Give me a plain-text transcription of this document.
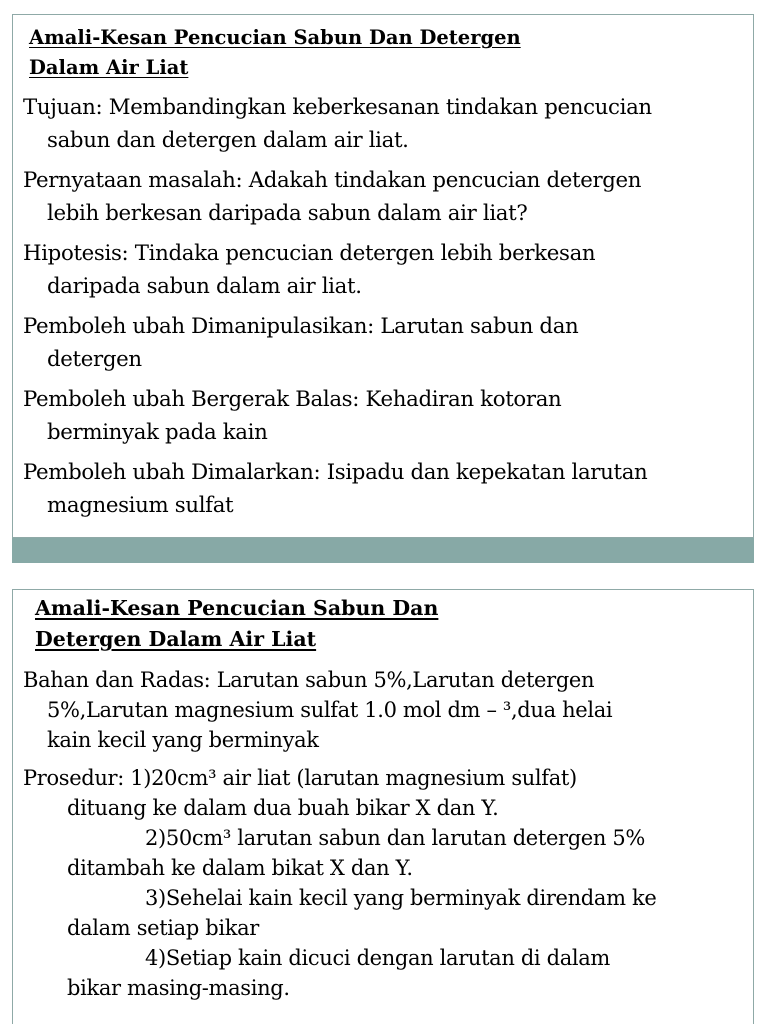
Amali-Kesan Pencucian Sabun Dan Detergen
Dalam Air Liat
Tujuan: Membandingkan keberkesanan tindakan pencucian
sabun dan detergen dalam air liat.
Pernyataan masalah: Adakah tindakan pencucian detergen
lebih berkesan daripada sabun dalam air liat?
Hipotesis: Tindaka pencucian detergen lebih berkesan
daripada sabun dalam air liat.
Pemboleh ubah Dimanipulasikan: Larutan sabun dan
detergen
Pemboleh ubah Bergerak Balas: Kehadiran kotoran
berminyak pada kain
Pemboleh ubah Dimalarkan: Isipadu dan kepekatan larutan
magnesium sulfat
Amali-Kesan Pencucian Sabun Dan
Detergen Dalam Air Liat
Bahan dan Radas: Larutan sabun 5%,Larutan detergen
5%,Larutan magnesium sulfat 1.0 mol dm – ³,dua helai
kain kecil yang berminyak
Prosedur: 1)20cm³ air liat (larutan magnesium sulfat)
dituang ke dalam dua buah bikar X dan Y.
2)50cm³ larutan sabun dan larutan detergen 5%
ditambah ke dalam bikat X dan Y.
3)Sehelai kain kecil yang berminyak direndam ke
dalam setiap bikar
4)Setiap kain dicuci dengan larutan di dalam
bikar masing-masing.
